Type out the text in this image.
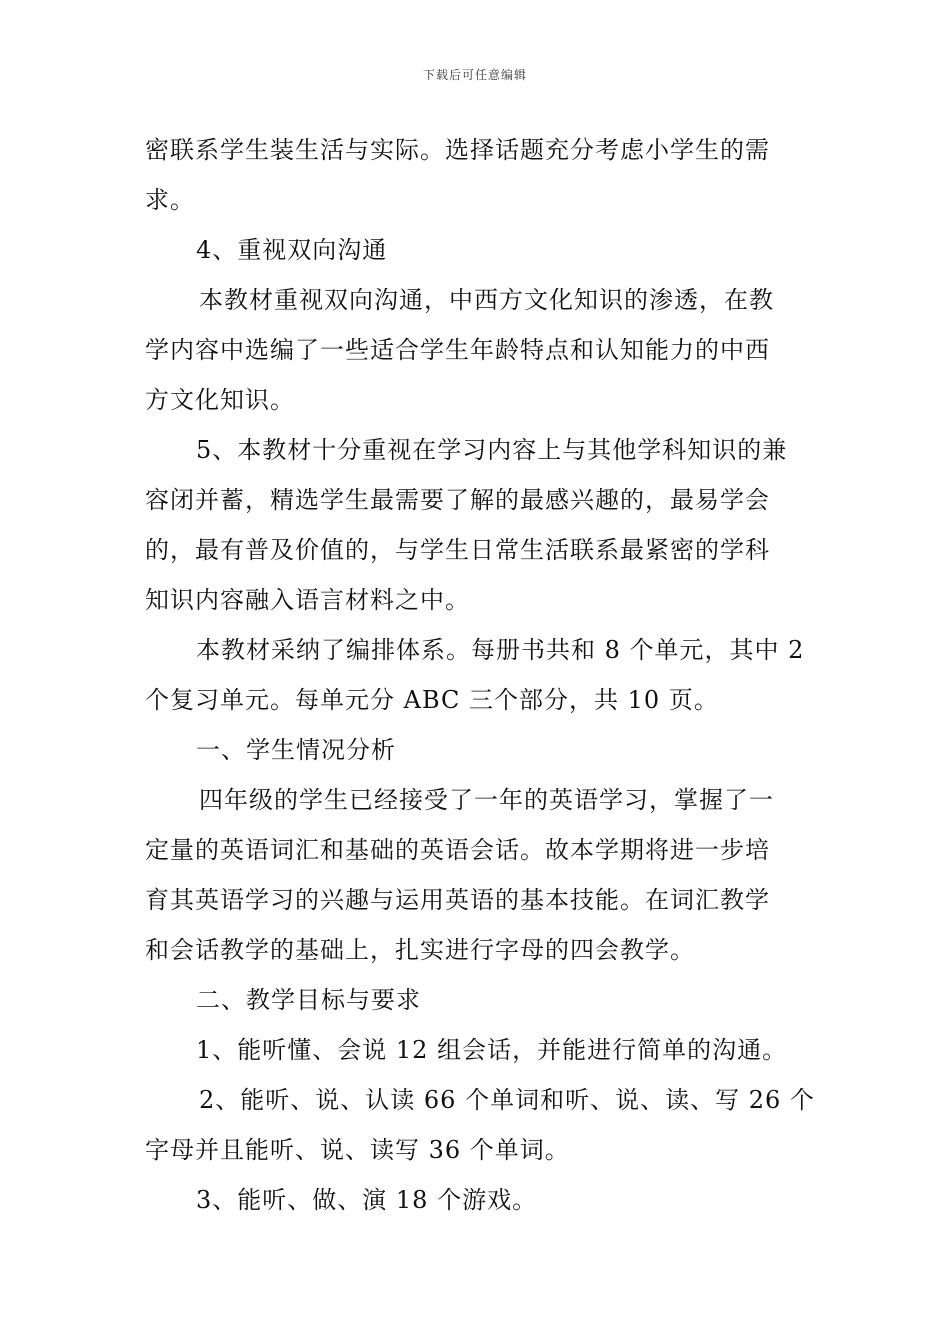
下载后可任意编辑
密联系学生装生活与实际。选择话题充分考虑小学生的需
求。
4、重视双向沟通
本教材重视双向沟通，中西方文化知识的渗透，在教
学内容中选编了一些适合学生年龄特点和认知能力的中西
方文化知识。
5、本教材十分重视在学习内容上与其他学科知识的兼
容闭并蓄，精选学生最需要了解的最感兴趣的，最易学会
的，最有普及价值的，与学生日常生活联系最紧密的学科
知识内容融入语言材料之中。
本教材采纳了编排体系。每册书共和 8 个单元，其中 2
个复习单元。每单元分 ABC 三个部分，共 10 页。
一、学生情况分析
四年级的学生已经接受了一年的英语学习，掌握了一
定量的英语词汇和基础的英语会话。故本学期将进一步培
育其英语学习的兴趣与运用英语的基本技能。在词汇教学
和会话教学的基础上，扎实进行字母的四会教学。
二、教学目标与要求
1、能听懂、会说 12 组会话，并能进行简单的沟通。
2、能听、说、认读 66 个单词和听、说、读、写 26 个
字母并且能听、说、读写 36 个单词。
3、能听、做、演 18 个游戏。
